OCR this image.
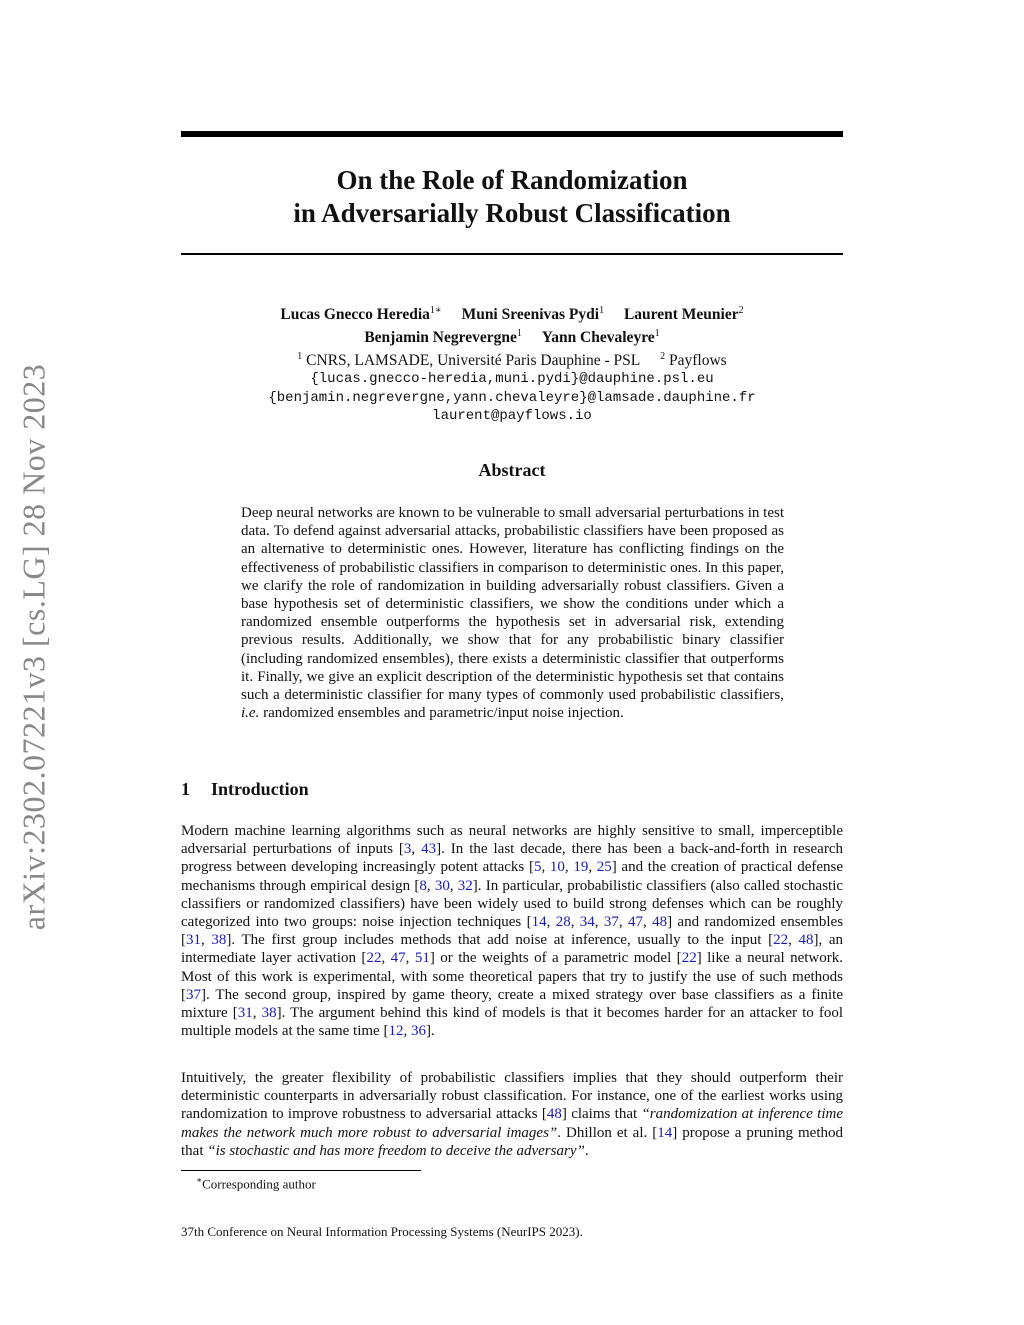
arXiv:2302.07221v3 [cs.LG] 28 Nov 2023
On the Role of Randomization
in Adversarially Robust Classification
Lucas Gnecco Heredia$^{1∗}$ Muni Sreenivas Pydi$^1$ Laurent Meunier$^2$
Benjamin Negrevergne$^1$ Yann Chevaleyre$^1$
$^1$ CNRS, LAMSADE, Université Paris Dauphine - PSL $^2$ Payflows
{lucas.gnecco-heredia,muni.pydi}@dauphine.psl.eu
{benjamin.negrevergne,yann.chevaleyre}@lamsade.dauphine.fr
laurent@payflows.io
Abstract
Deep neural networks are known to be vulnerable to small adversarial perturbations in test data. To defend against adversarial attacks, probabilistic classifiers have been proposed as an alternative to deterministic ones. However, literature has conflicting findings on the effectiveness of probabilistic classifiers in comparison to deterministic ones. In this paper, we clarify the role of randomization in building adversarially robust classifiers. Given a base hypothesis set of deterministic classifiers, we show the conditions under which a randomized ensemble outperforms the hypothesis set in adversarial risk, extending previous results. Additionally, we show that for any probabilistic binary classifier (including randomized ensembles), there exists a deterministic classifier that outperforms it. Finally, we give an explicit description of the deterministic hypothesis set that contains such a deterministic classifier for many types of commonly used probabilistic classifiers, i.e. randomized ensembles and parametric/input noise injection.
1 Introduction
Modern machine learning algorithms such as neural networks are highly sensitive to small, imperceptible adversarial perturbations of inputs [3, 43]. In the last decade, there has been a back-and-forth in research progress between developing increasingly potent attacks [5, 10, 19, 25] and the creation of practical defense mechanisms through empirical design [8, 30, 32]. In particular, probabilistic classifiers (also called stochastic classifiers or randomized classifiers) have been widely used to build strong defenses which can be roughly categorized into two groups: noise injection techniques [14, 28, 34, 37, 47, 48] and randomized ensembles [31, 38]. The first group includes methods that add noise at inference, usually to the input [22, 48], an intermediate layer activation [22, 47, 51] or the weights of a parametric model [22] like a neural network. Most of this work is experimental, with some theoretical papers that try to justify the use of such methods [37]. The second group, inspired by game theory, create a mixed strategy over base classifiers as a finite mixture [31, 38]. The argument behind this kind of models is that it becomes harder for an attacker to fool multiple models at the same time [12, 36].
Intuitively, the greater flexibility of probabilistic classifiers implies that they should outperform their deterministic counterparts in adversarially robust classification. For instance, one of the earliest works using randomization to improve robustness to adversarial attacks [48] claims that “randomization at inference time makes the network much more robust to adversarial images”. Dhillon et al. [14] propose a pruning method that “is stochastic and has more freedom to deceive the adversary”.
∗Corresponding author
37th Conference on Neural Information Processing Systems (NeurIPS 2023).
